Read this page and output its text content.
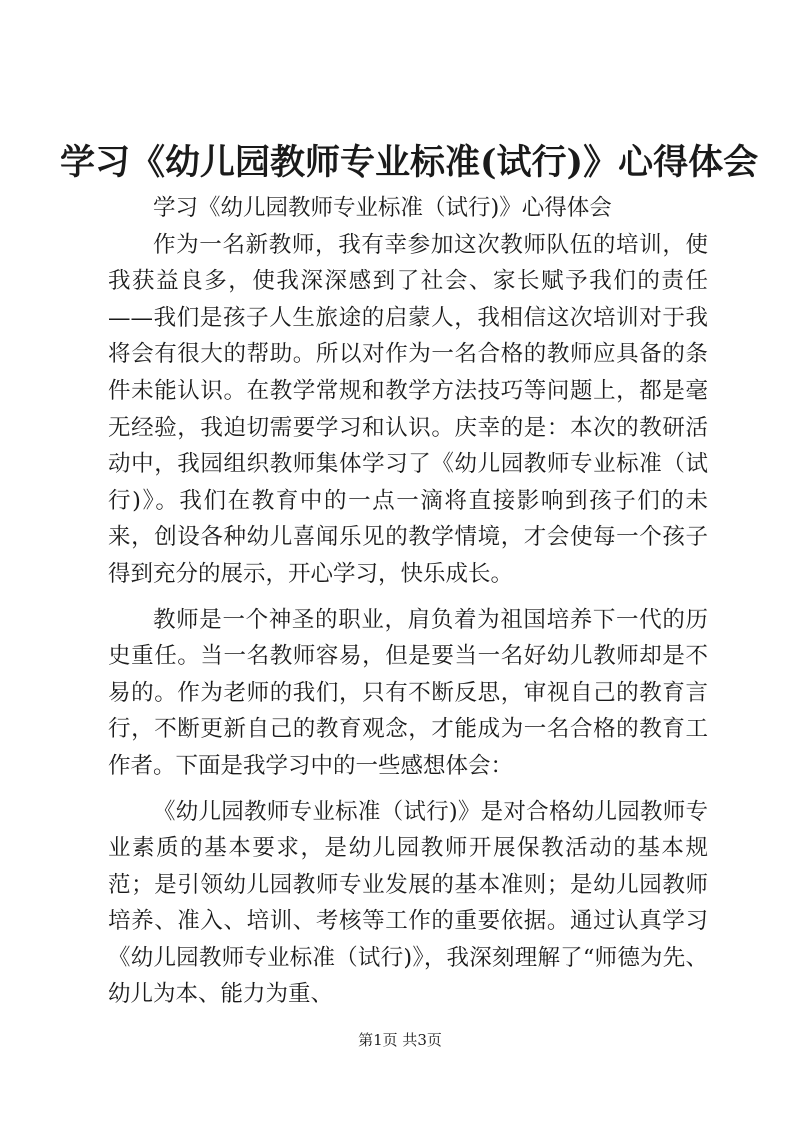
学习《幼儿园教师专业标准(试行)》心得体会

学习《幼儿园教师专业标准（试行)》心得体会

作为一名新教师，我有幸参加这次教师队伍的培训，使我获益良多，使我深深感到了社会、家长赋予我们的责任——我们是孩子人生旅途的启蒙人，我相信这次培训对于我将会有很大的帮助。所以对作为一名合格的教师应具备的条件未能认识。在教学常规和教学方法技巧等问题上，都是毫无经验，我迫切需要学习和认识。庆幸的是：本次的教研活动中，我园组织教师集体学习了《幼儿园教师专业标准（试行)》。我们在教育中的一点一滴将直接影响到孩子们的未来，创设各种幼儿喜闻乐见的教学情境，才会使每一个孩子得到充分的展示，开心学习，快乐成长。

教师是一个神圣的职业，肩负着为祖国培养下一代的历史重任。当一名教师容易，但是要当一名好幼儿教师却是不易的。作为老师的我们，只有不断反思，审视自己的教育言行，不断更新自己的教育观念，才能成为一名合格的教育工作者。下面是我学习中的一些感想体会：

《幼儿园教师专业标准（试行)》是对合格幼儿园教师专业素质的基本要求，是幼儿园教师开展保教活动的基本规范；是引领幼儿园教师专业发展的基本准则；是幼儿园教师培养、准入、培训、考核等工作的重要依据。通过认真学习《幼儿园教师专业标准（试行)》，我深刻理解了“师德为先、幼儿为本、能力为重、

第1页 共3页
